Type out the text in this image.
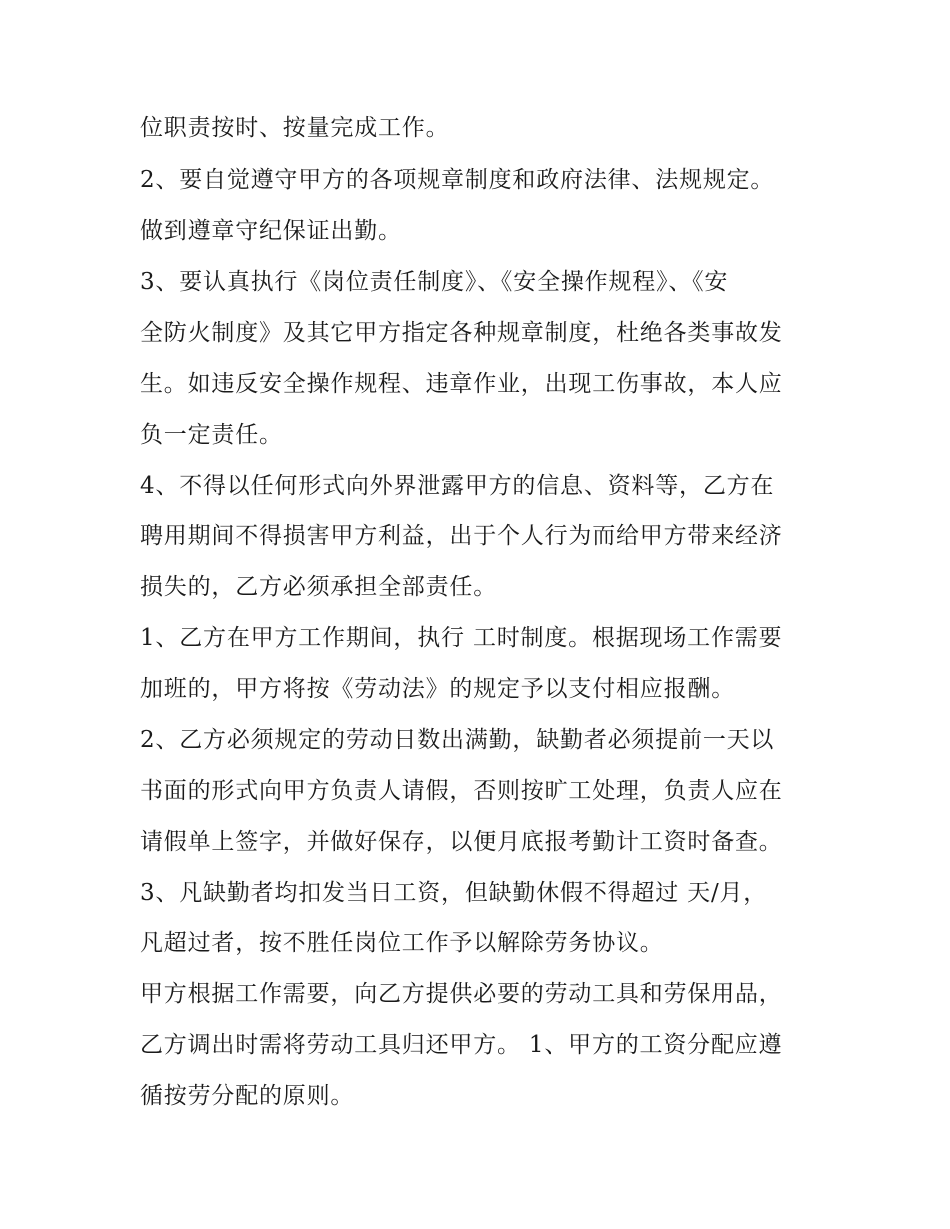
位职责按时、按量完成工作。

2、要自觉遵守甲方的各项规章制度和政府法律、法规规定。

做到遵章守纪保证出勤。

3、要认真执行《岗位责任制度》、《安全操作规程》、《安

全防火制度》及其它甲方指定各种规章制度，杜绝各类事故发

生。如违反安全操作规程、违章作业，出现工伤事故，本人应

负一定责任。

4、不得以任何形式向外界泄露甲方的信息、资料等，乙方在

聘用期间不得损害甲方利益，出于个人行为而给甲方带来经济

损失的，乙方必须承担全部责任。

1、乙方在甲方工作期间，执行 工时制度。根据现场工作需要

加班的，甲方将按《劳动法》的规定予以支付相应报酬。

2、乙方必须规定的劳动日数出满勤，缺勤者必须提前一天以

书面的形式向甲方负责人请假，否则按旷工处理，负责人应在

请假单上签字，并做好保存，以便月底报考勤计工资时备查。

3、凡缺勤者均扣发当日工资，但缺勤休假不得超过 天/月，

凡超过者，按不胜任岗位工作予以解除劳务协议。

甲方根据工作需要，向乙方提供必要的劳动工具和劳保用品，

乙方调出时需将劳动工具归还甲方。 1、甲方的工资分配应遵

循按劳分配的原则。
